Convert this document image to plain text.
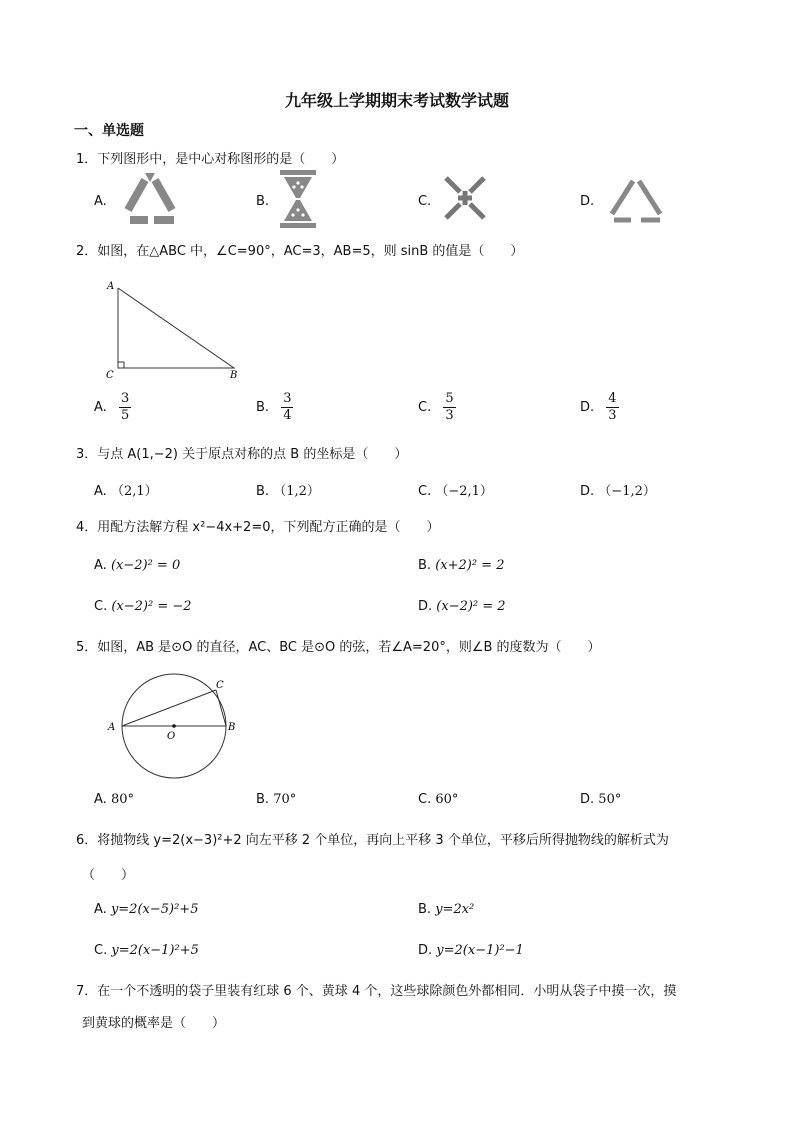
九年级上学期期末考试数学试题
一、单选题
1．下列图形中，是中心对称图形的是（　　）
A.	B.	C.	D.
2．如图，在△ABC 中，∠C=90°，AC=3，AB=5，则 sinB 的值是（　　）
A
C	B
A. $\frac{3}{5}$	B. $\frac{3}{4}$	C. $\frac{5}{3}$	D. $\frac{4}{3}$
3．与点 A(1,−2) 关于原点对称的点 B 的坐标是（　　）
A. （2,1）	B. （1,2）	C. （−2,1）	D. （−1,2）
4．用配方法解方程 x²−4x+2=0，下列配方正确的是（　　）
A. (x−2)² = 0	B. (x+2)² = 2
C. (x−2)² = −2	D. (x−2)² = 2
5．如图，AB 是⊙O 的直径，AC、BC 是⊙O 的弦，若∠A=20°，则∠B 的度数为（　　）
A
O
B
C
A. 80°	B. 70°	C. 60°	D. 50°
6．将抛物线 y=2(x−3)²+2 向左平移 2 个单位，再向上平移 3 个单位，平移后所得抛物线的解析式为
（　　）
A. y=2(x−5)²+5	B. y=2x²
C. y=2(x−1)²+5	D. y=2(x−1)²−1
7．在一个不透明的袋子里装有红球 6 个、黄球 4 个，这些球除颜色外都相同．小明从袋子中摸一次，摸
到黄球的概率是（　　）
